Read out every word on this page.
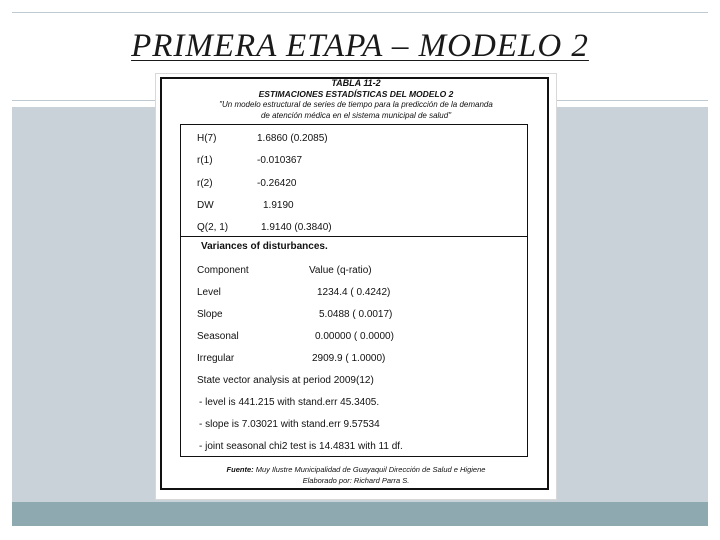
PRIMERA ETAPA – MODELO 2
TABLA 11-2
ESTIMACIONES ESTADÍSTICAS DEL MODELO 2
"Un modelo estructural de series de tiempo para la predicción de la demanda
de atención médica en el sistema municipal de salud"
H(7)	1.6860 (0.2085)
r(1)	-0.010367
r(2)	-0.26420
DW	1.9190
Q(2, 1)	1.9140 (0.3840)
Variances of disturbances.
Component	Value (q-ratio)
Level	1234.4 ( 0.4242)
Slope	5.0488 ( 0.0017)
Seasonal	0.00000 ( 0.0000)
Irregular	2909.9 ( 1.0000)
State vector analysis at period 2009(12)
- level is 441.215 with stand.err 45.3405.
- slope is 7.03021 with stand.err 9.57534
- joint seasonal chi2 test is 14.4831 with 11 df.
Fuente: Muy Ilustre Municipalidad de Guayaquil Dirección de Salud e Higiene
Elaborado por: Richard Parra S.
